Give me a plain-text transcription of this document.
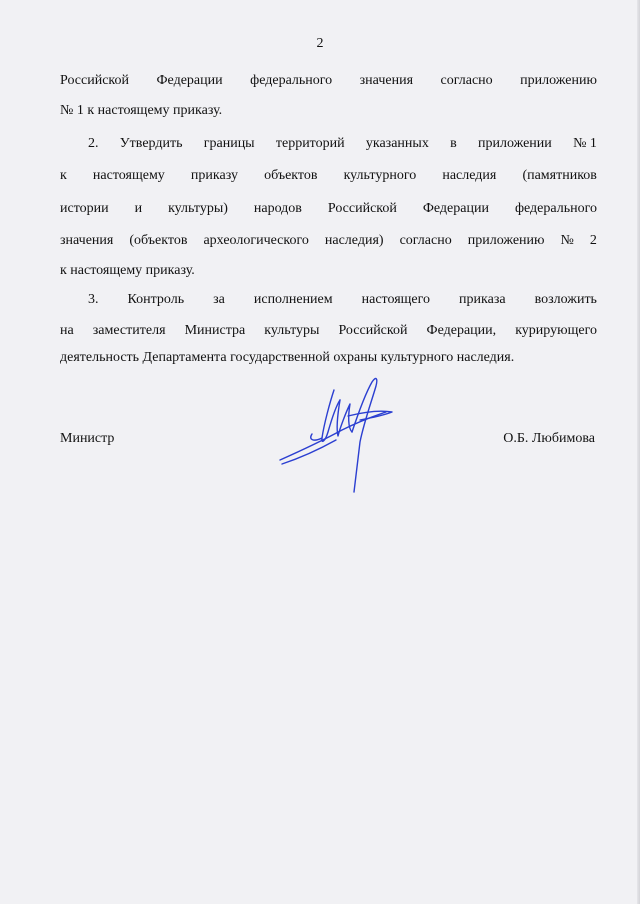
2
Российской Федерации федерального значения согласно приложению
№ 1 к настоящему приказу.
2. Утвердить границы территорий указанных в приложении № 1
к настоящему приказу объектов культурного наследия (памятников
истории и культуры) народов Российской Федерации федерального
значения (объектов археологического наследия) согласно приложению № 2
к настоящему приказу.
3. Контроль за исполнением настоящего приказа возложить
на заместителя Министра культуры Российской Федерации, курирующего
деятельность Департамента государственной охраны культурного наследия.
Министр	О.Б. Любимова
